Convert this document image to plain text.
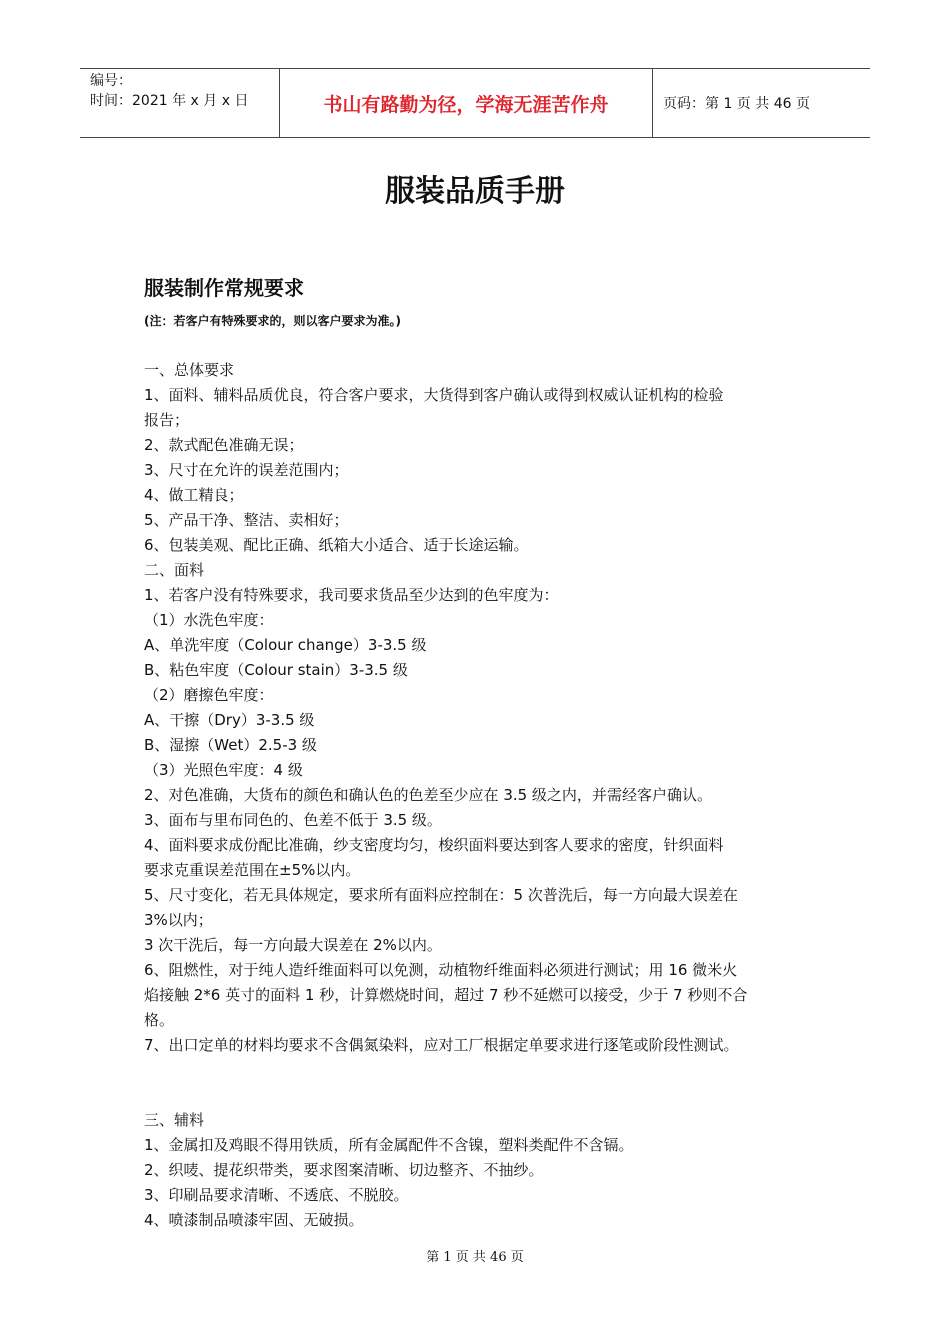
编号：
时间：2021 年 x 月 x 日	书山有路勤为径，学海无涯苦作舟	页码：第 1 页 共 46 页
服装品质手册
服装制作常规要求
(注：若客户有特殊要求的，则以客户要求为准。)
一、总体要求
1、面料、辅料品质优良，符合客户要求，大货得到客户确认或得到权威认证机构的检验
报告；
2、款式配色准确无误；
3、尺寸在允许的误差范围内；
4、做工精良；
5、产品干净、整洁、卖相好；
6、包装美观、配比正确、纸箱大小适合、适于长途运输。
二、面料
1、若客户没有特殊要求，我司要求货品至少达到的色牢度为：
（1）水洗色牢度：
A、单洗牢度（Colour change）3-3.5 级
B、粘色牢度（Colour stain）3-3.5 级
（2）磨擦色牢度：
A、干擦（Dry）3-3.5 级
B、湿擦（Wet）2.5-3 级
（3）光照色牢度：4 级
2、对色准确，大货布的颜色和确认色的色差至少应在 3.5 级之内，并需经客户确认。
3、面布与里布同色的、色差不低于 3.5 级。
4、面料要求成份配比准确，纱支密度均匀，梭织面料要达到客人要求的密度，针织面料
要求克重误差范围在±5%以内。
5、尺寸变化，若无具体规定，要求所有面料应控制在：5 次普洗后，每一方向最大误差在
3%以内；
3 次干洗后，每一方向最大误差在 2%以内。
6、阻燃性，对于纯人造纤维面料可以免测，动植物纤维面料必须进行测试；用 16 微米火
焰接触 2*6 英寸的面料 1 秒，计算燃烧时间，超过 7 秒不延燃可以接受，少于 7 秒则不合
格。
7、出口定单的材料均要求不含偶氮染料，应对工厂根据定单要求进行逐笔或阶段性测试。
三、辅料
1、金属扣及鸡眼不得用铁质，所有金属配件不含镍，塑料类配件不含镉。
2、织唛、提花织带类，要求图案清晰、切边整齐、不抽纱。
3、印刷品要求清晰、不透底、不脱胶。
4、喷漆制品喷漆牢固、无破损。
第 1 页 共 46 页
